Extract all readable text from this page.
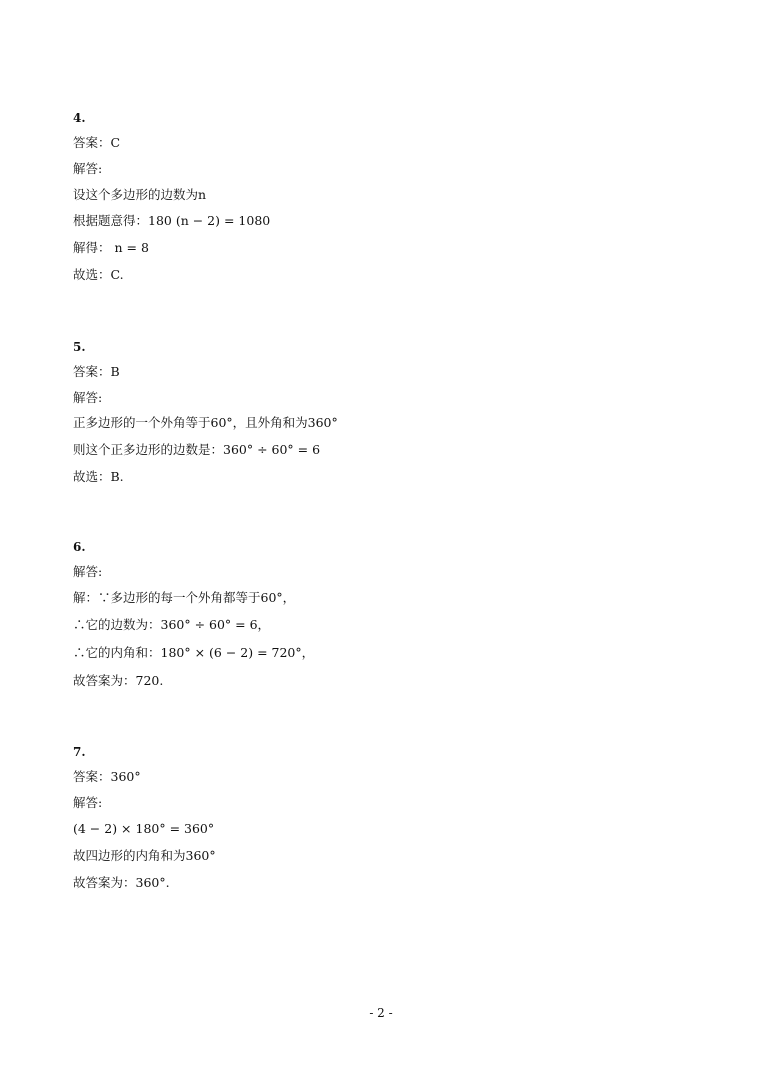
4.
答案：C
解答:
设这个多边形的边数为n
根据题意得：180 (n − 2) = 1080
解得： n = 8
故选：C.
5.
答案：B
解答:
正多边形的一个外角等于60°，且外角和为360°
则这个正多边形的边数是：360° ÷ 60° = 6
故选：B.
6.
解答:
解：∵多边形的每一个外角都等于60°，
∴它的边数为：360° ÷ 60° = 6，
∴它的内角和：180° × (6 − 2) = 720°，
故答案为：720.
7.
答案：360°
解答:
(4 − 2) × 180° = 360°
故四边形的内角和为360°
故答案为：360°.
- 2 -
